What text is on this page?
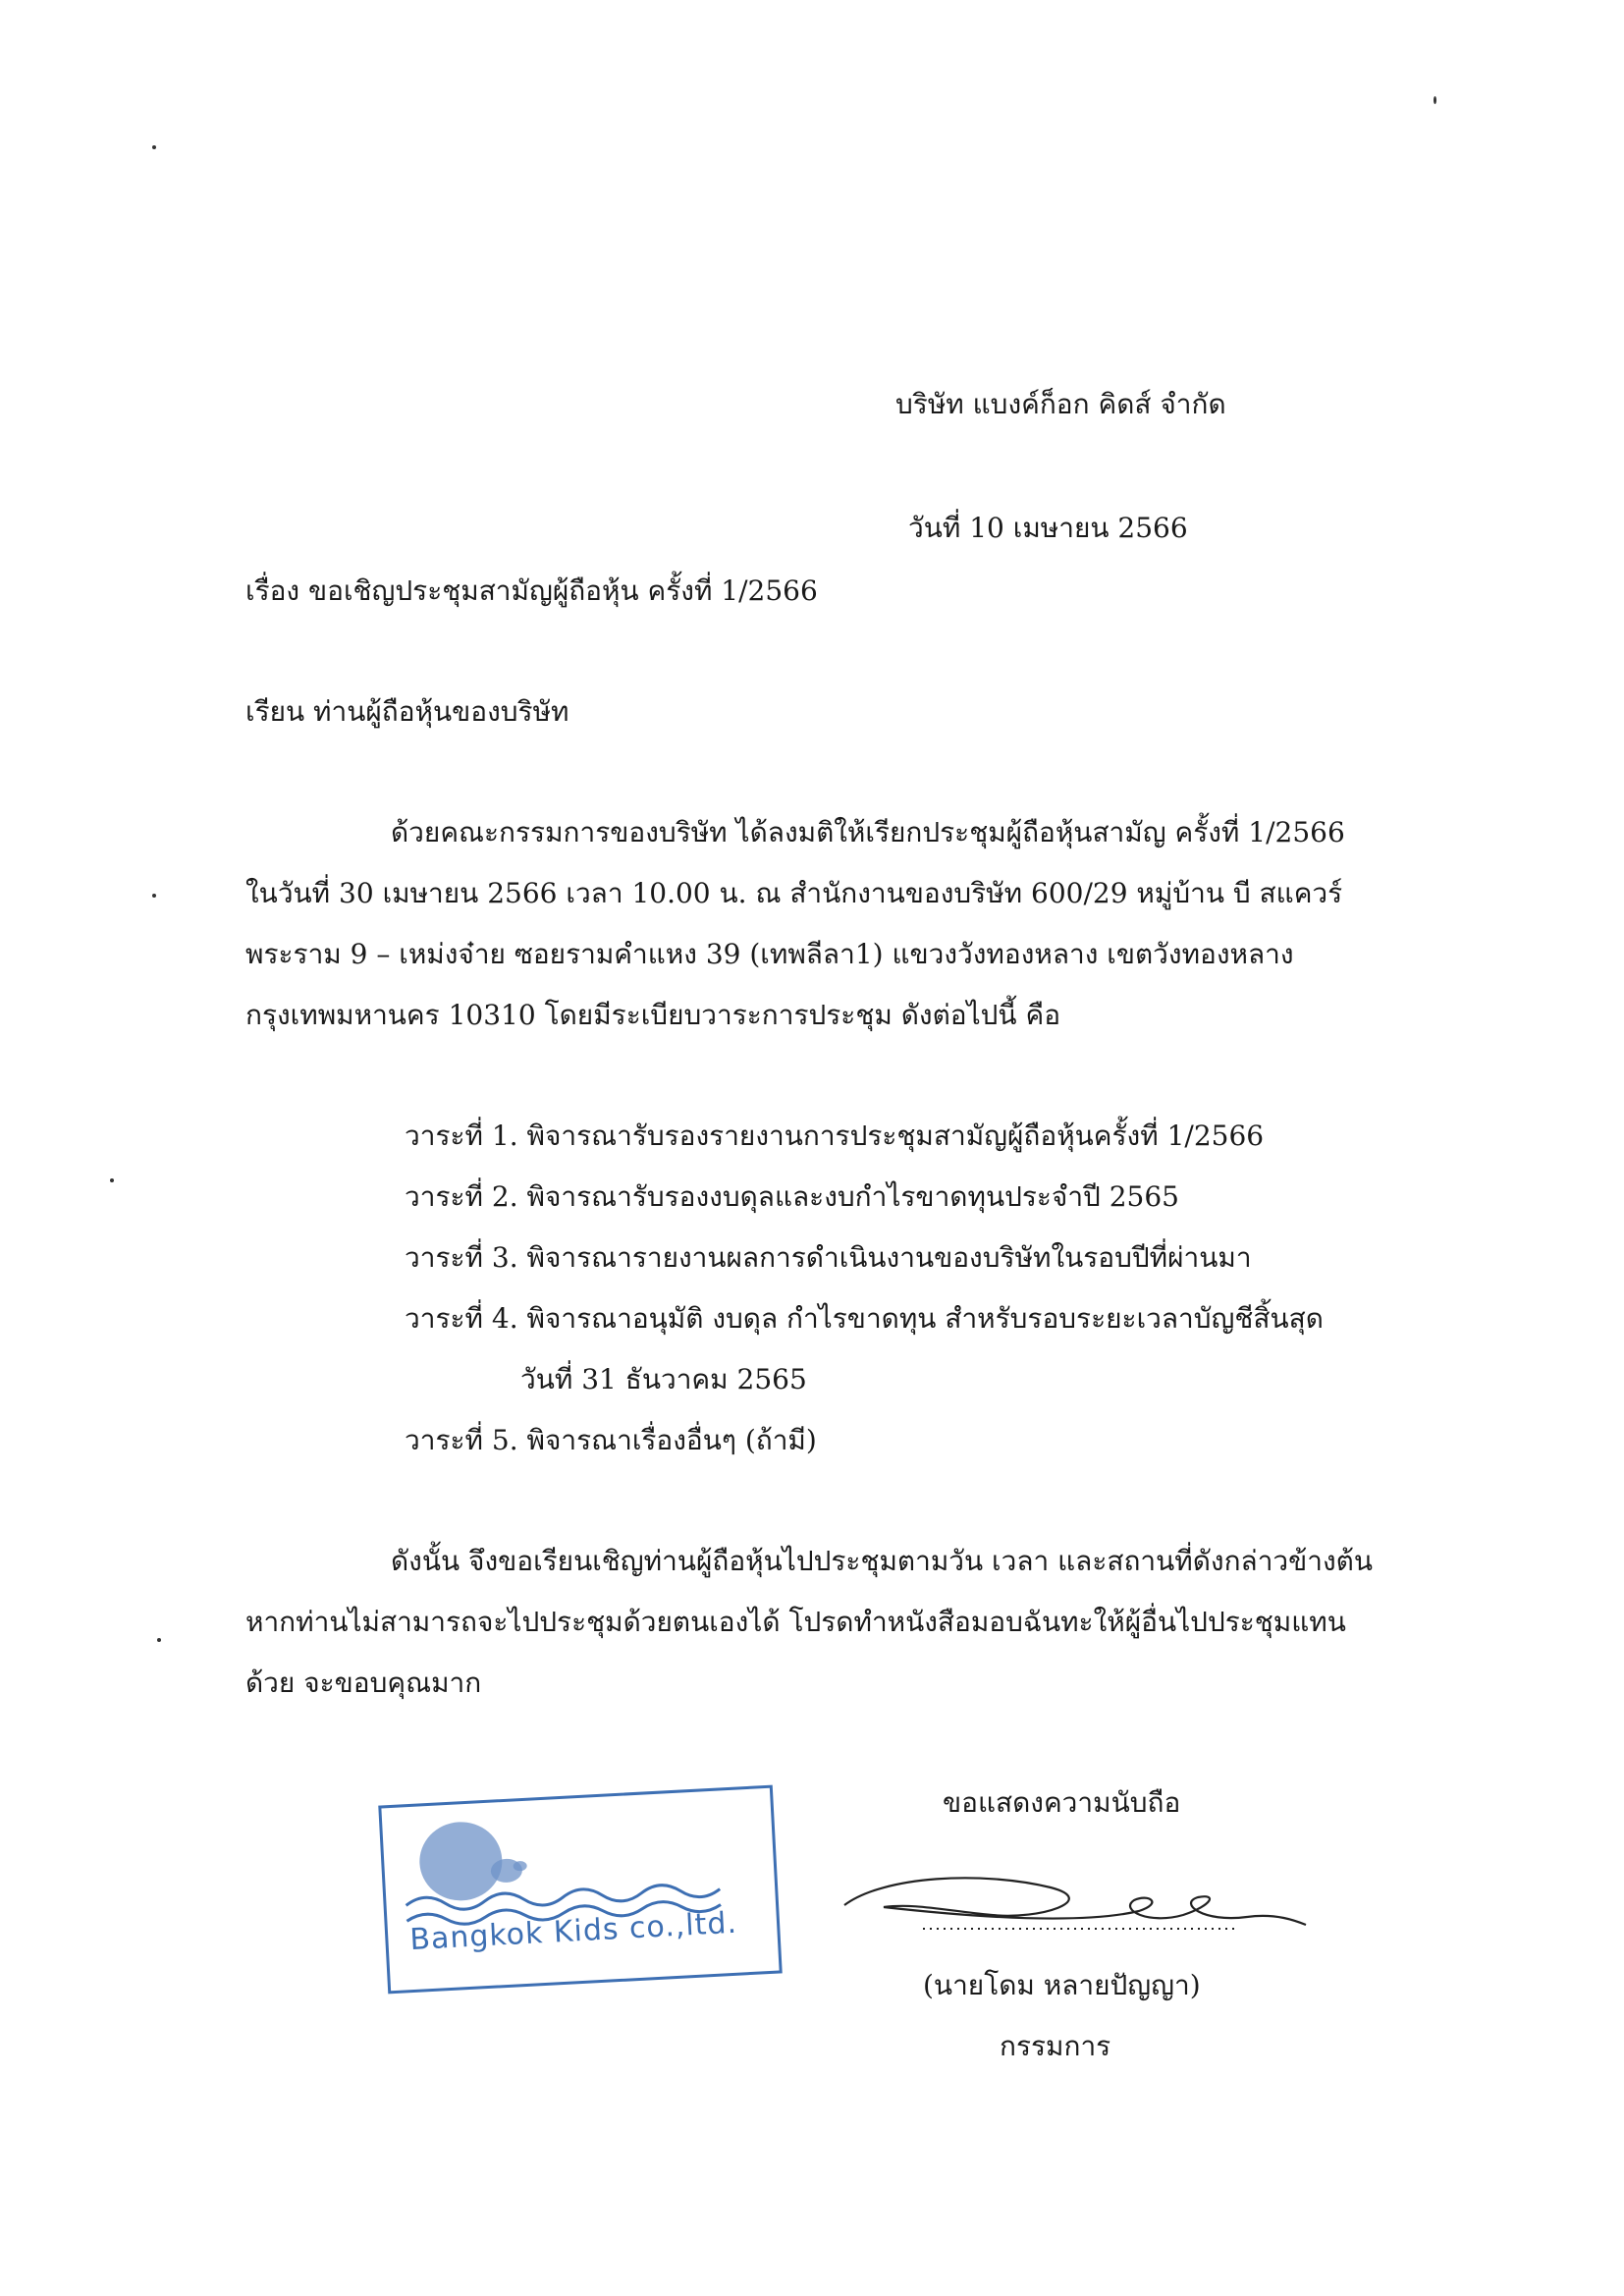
บริษัท แบงค์ก็อก คิดส์ จำกัด
วันที่ 10 เมษายน 2566
เรื่อง ขอเชิญประชุมสามัญผู้ถือหุ้น ครั้งที่ 1/2566
เรียน ท่านผู้ถือหุ้นของบริษัท
ด้วยคณะกรรมการของบริษัท ได้ลงมติให้เรียกประชุมผู้ถือหุ้นสามัญ ครั้งที่ 1/2566
ในวันที่ 30 เมษายน 2566 เวลา 10.00 น. ณ สำนักงานของบริษัท 600/29 หมู่บ้าน บี สแควร์
พระราม 9 – เหม่งจ๋าย ซอยรามคำแหง 39 (เทพลีลา1) แขวงวังทองหลาง เขตวังทองหลาง
กรุงเทพมหานคร 10310 โดยมีระเบียบวาระการประชุม ดังต่อไปนี้ คือ
วาระที่ 1. พิจารณารับรองรายงานการประชุมสามัญผู้ถือหุ้นครั้งที่ 1/2566
วาระที่ 2. พิจารณารับรองงบดุลและงบกำไรขาดทุนประจำปี 2565
วาระที่ 3. พิจารณารายงานผลการดำเนินงานของบริษัทในรอบปีที่ผ่านมา
วาระที่ 4. พิจารณาอนุมัติ งบดุล กำไรขาดทุน สำหรับรอบระยะเวลาบัญชีสิ้นสุด
วันที่ 31 ธันวาคม 2565
วาระที่ 5. พิจารณาเรื่องอื่นๆ (ถ้ามี)
ดังนั้น จึงขอเรียนเชิญท่านผู้ถือหุ้นไปประชุมตามวัน เวลา และสถานที่ดังกล่าวข้างต้น
หากท่านไม่สามารถจะไปประชุมด้วยตนเองได้ โปรดทำหนังสือมอบฉันทะให้ผู้อื่นไปประชุมแทน
ด้วย จะขอบคุณมาก
ขอแสดงความนับถือ
(นายโดม หลายปัญญา)
กรรมการ
Bangkok Kids co.,ltd.
